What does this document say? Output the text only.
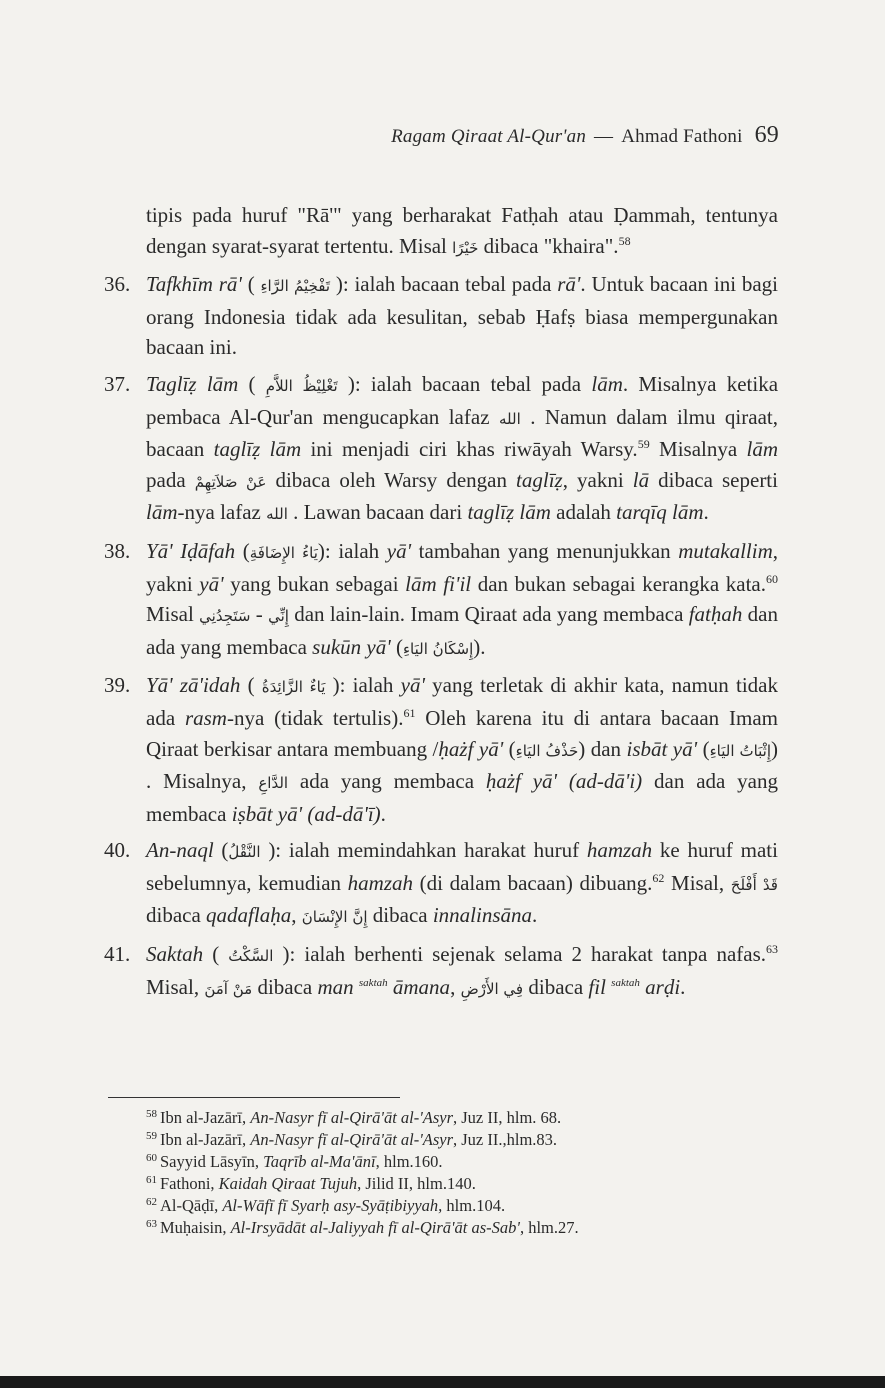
Ragam Qiraat Al-Qur'an — Ahmad Fathoni 69

tipis pada huruf "Rā'" yang berharakat Fatḥah atau Ḍammah, tentunya dengan syarat-syarat tertentu. Misal خَيْرًا dibaca "khaira".$^{58}$

36. Tafkhīm rā' ( تَفْخِيْمُ الرَّاءِ ): ialah bacaan tebal pada rā'. Untuk bacaan ini bagi orang Indonesia tidak ada kesulitan, sebab Ḥafṣ biasa mempergunakan bacaan ini.
37. Taglīẓ lām ( تَغْلِيْظُ اللاَّمِ ): ialah bacaan tebal pada lām. Misalnya ketika pembaca Al-Qur'an mengucapkan lafaz الله . Namun dalam ilmu qiraat, bacaan taglīẓ lām ini menjadi ciri khas riwāyah Warsy.$^{59}$ Misalnya lām pada عَنْ صَلاَتِهِمْ dibaca oleh Warsy dengan taglīẓ, yakni lā dibaca seperti lām-nya lafaz الله . Lawan bacaan dari taglīẓ lām adalah tarqīq lām.
38. Yā' Iḍāfah (يَاءُ الإِضَافَةِ): ialah yā' tambahan yang menunjukkan mutakallim, yakni yā' yang bukan sebagai lām fi'il dan bukan sebagai kerangka kata.$^{60}$ Misal سَتَجِدُنِي - إِنِّي dan lain-lain. Imam Qiraat ada yang membaca fatḥah dan ada yang membaca sukūn yā' (إِسْكَانُ اليَاءِ).
39. Yā' zā'idah ( يَاءٌ الزَّائِدَةُ ): ialah yā' yang terletak di akhir kata, namun tidak ada rasm-nya (tidak tertulis).$^{61}$ Oleh karena itu di antara bacaan Imam Qiraat berkisar antara membuang /ḥażf yā' (حَذْفُ اليَاءِ) dan isbāt yā' (إِثْبَاتُ اليَاءِ) . Misalnya, الدَّاعِ ada yang membaca ḥażf yā' (ad-dā'i) dan ada yang membaca iṣbāt yā' (ad-dā'ī).
40. An-naql (النَّقْلُ ): ialah memindahkan harakat huruf hamzah ke huruf mati sebelumnya, kemudian hamzah (di dalam bacaan) dibuang.$^{62}$ Misal, قَدْ أَفْلَحَ dibaca qadaflaḥa, إِنَّ الإِنْسَانَ dibaca innalinsāna.
41. Saktah ( السَّكْتُ ): ialah berhenti sejenak selama 2 harakat tanpa nafas.$^{63}$ Misal, مَنْ آمَنَ dibaca man $^{saktah}$ āmana, فِي الأَرْضِ dibaca fil $^{saktah}$ arḍi.
$^{58}$ Ibn al-Jazārī, An-Nasyr fī al-Qirā'āt al-'Asyr, Juz II, hlm. 68.
$^{59}$ Ibn al-Jazārī, An-Nasyr fī al-Qirā'āt al-'Asyr, Juz II.,hlm.83.
$^{60}$ Sayyid Lāsyīn, Taqrīb al-Ma'ānī, hlm.160.
$^{61}$ Fathoni, Kaidah Qiraat Tujuh, Jilid II, hlm.140.
$^{62}$ Al-Qāḍī, Al-Wāfī fī Syarḥ asy-Syāṭibiyyah, hlm.104.
$^{63}$ Muḥaisin, Al-Irsyādāt al-Jaliyyah fī al-Qirā'āt as-Sab', hlm.27.
